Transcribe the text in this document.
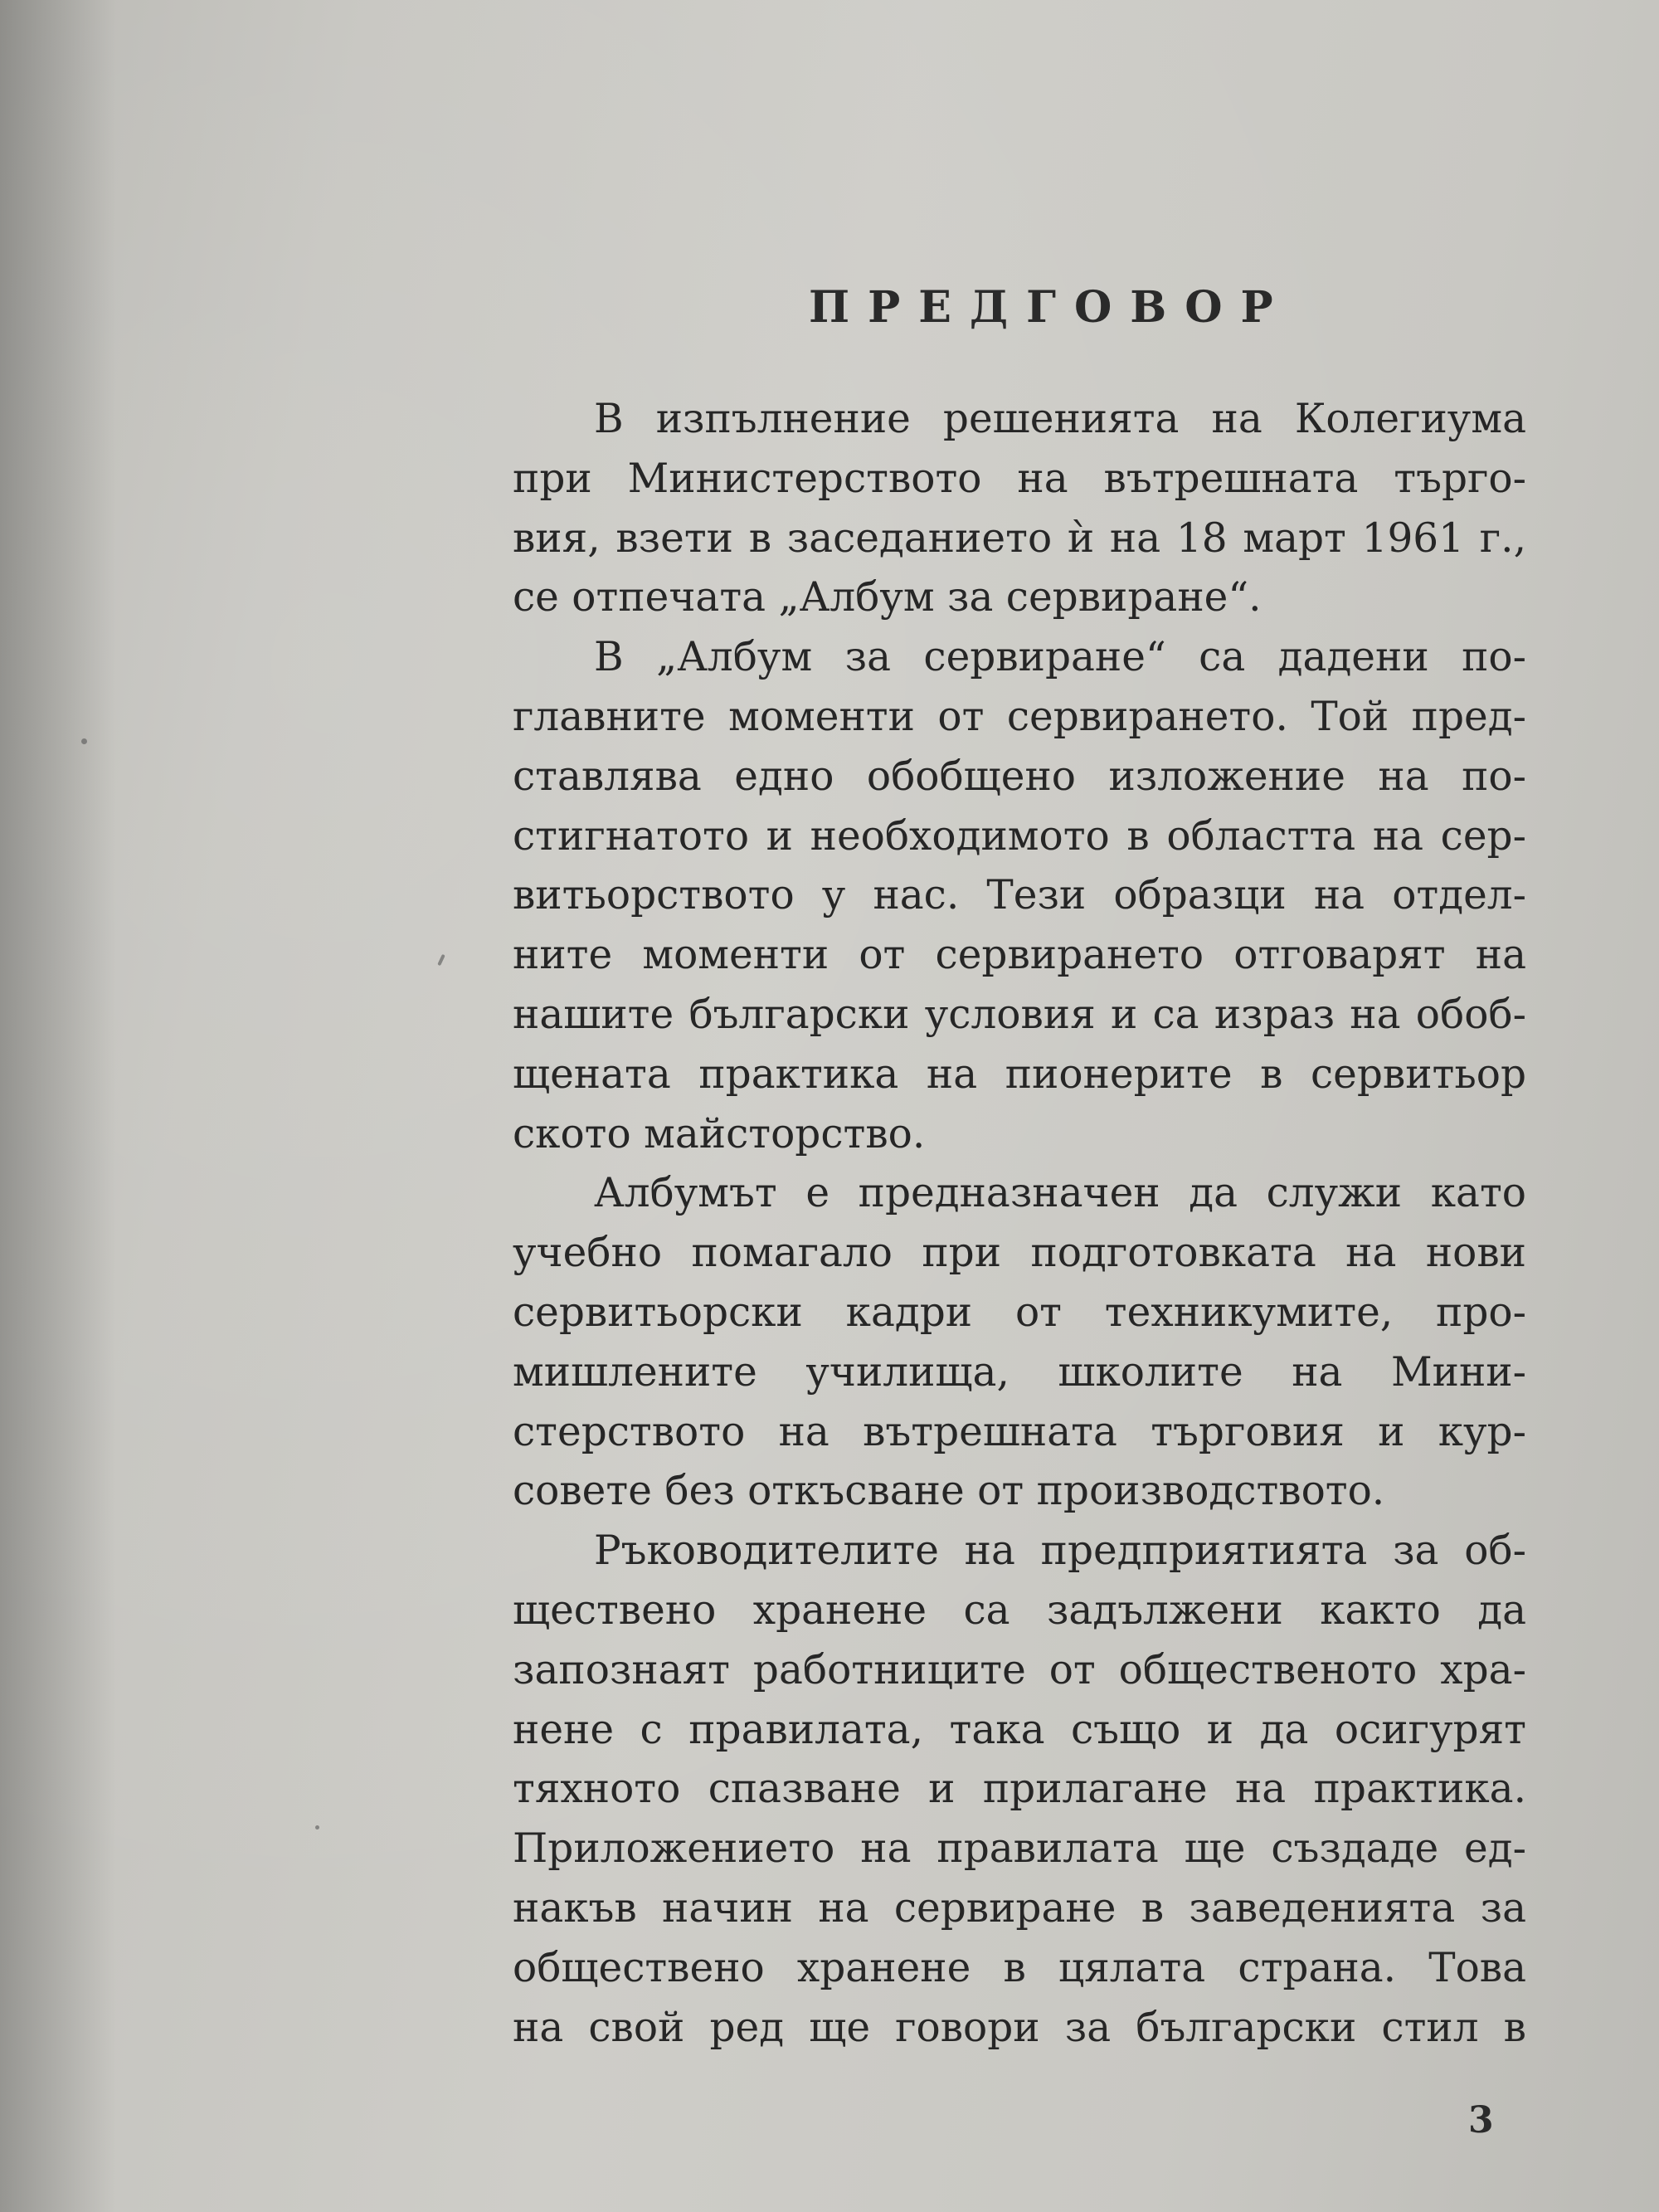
ПРЕДГОВОР

В изпълнение решенията на Колегиума
при Министерството на вътрешната търго-
вия, взети в заседанието ѝ на 18 март 1961 г.,
се отпечата „Албум за сервиране“.

В „Албум за сервиране“ са дадени по-
главните моменти от сервирането. Той пред-
ставлява едно обобщено изложение на по-
стигнатото и необходимото в областта на сер-
витьорството у нас. Тези образци на отдел-
ните моменти от сервирането отговарят на
нашите български условия и са израз на обоб-
щената практика на пионерите в сервитьор
ското майсторство.

Албумът е предназначен да служи като
учебно помагало при подготовката на нови
сервитьорски кадри от техникумите, про-
мишлените училища, школите на Мини-
стерството на вътрешната търговия и кур-
совете без откъсване от производството.

Ръководителите на предприятията за об-
ществено хранене са задължени както да
запознаят работниците от общественото хра-
нене с правилата, така също и да осигурят
тяхното спазване и прилагане на практика.
Приложението на правилата ще създаде ед-
накъв начин на сервиране в заведенията за
обществено хранене в цялата страна. Това
на свой ред ще говори за български стил в

3
